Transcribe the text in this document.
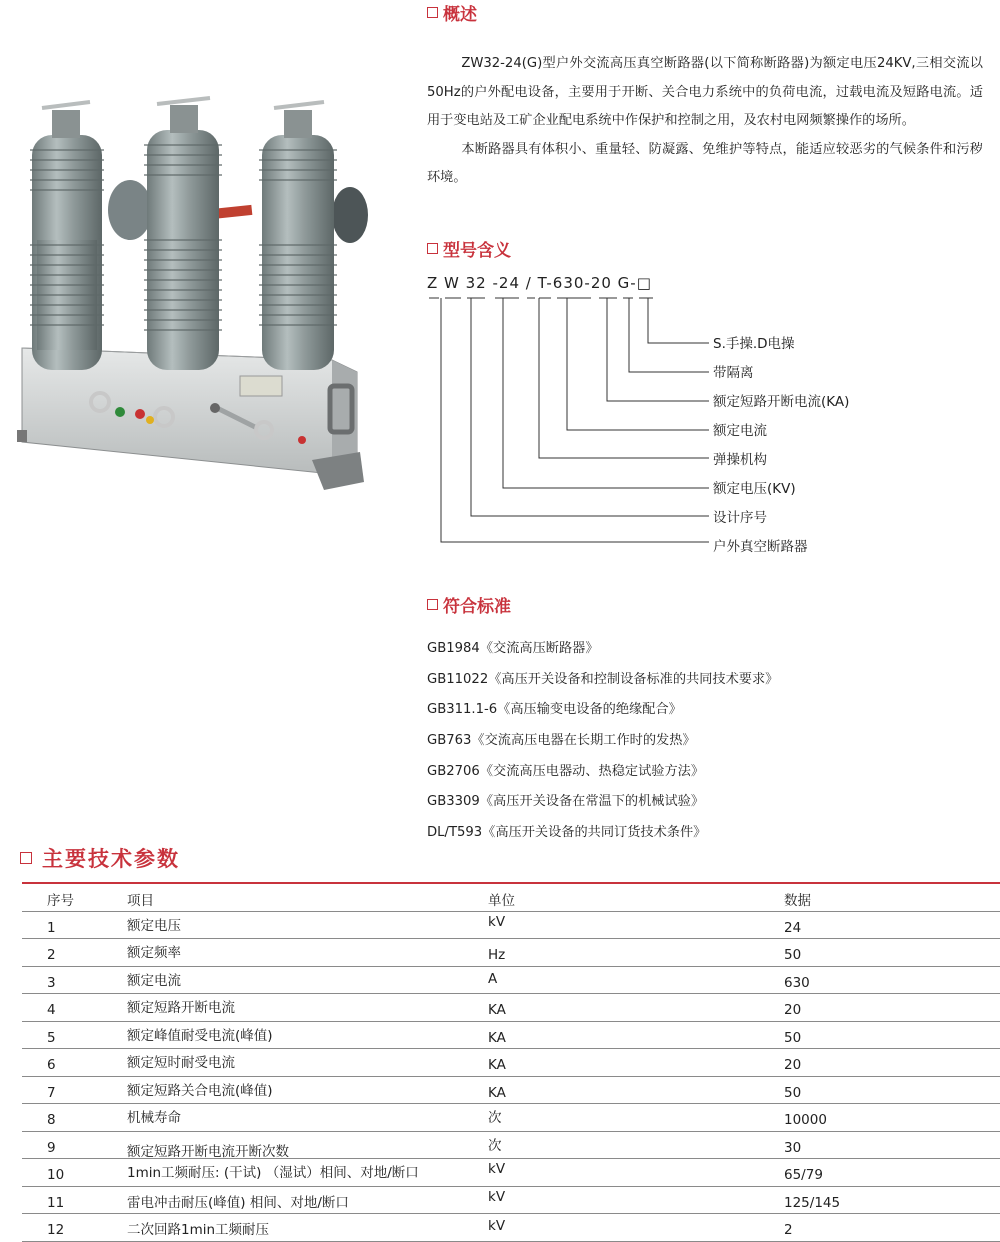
概述

ZW32-24(G)型户外交流高压真空断路器(以下简称断路器)为额定电压24KV,三相交流以50Hz的户外配电设备，主要用于开断、关合电力系统中的负荷电流，过载电流及短路电流。适用于变电站及工矿企业配电系统中作保护和控制之用，及农村电网频繁操作的场所。

本断路器具有体积小、重量轻、防凝露、免维护等特点，能适应较恶劣的气候条件和污秽环境。

型号含义
Z W 32 -24 / T-630-20 G-□
S.手操.D电操
带隔离
额定短路开断电流(KA)
额定电流
弹操机构
额定电压(KV)
设计序号
户外真空断路器
符合标准
GB1984《交流高压断路器》
GB11022《高压开关设备和控制设备标准的共同技术要求》
GB311.1-6《高压输变电设备的绝缘配合》
GB763《交流高压电器在长期工作时的发热》
GB2706《交流高压电器动、热稳定试验方法》
GB3309《高压开关设备在常温下的机械试验》
DL/T593《高压开关设备的共同订货技术条件》
主要技术参数
序号	项目	单位	数据
1	额定电压	kV	24
2	额定频率	Hz	50
3	额定电流	A	630
4	额定短路开断电流	KA	20
5	额定峰值耐受电流(峰值)	KA	50
6	额定短时耐受电流	KA	20
7	额定短路关合电流(峰值)	KA	50
8	机械寿命	次	10000
9	额定短路开断电流开断次数	次	30
10	1min工频耐压: (干试) （湿试）相间、对地/断口	kV	65/79
11	雷电冲击耐压(峰值) 相间、对地/断口	kV	125/145
12	二次回路1min工频耐压	kV	2
